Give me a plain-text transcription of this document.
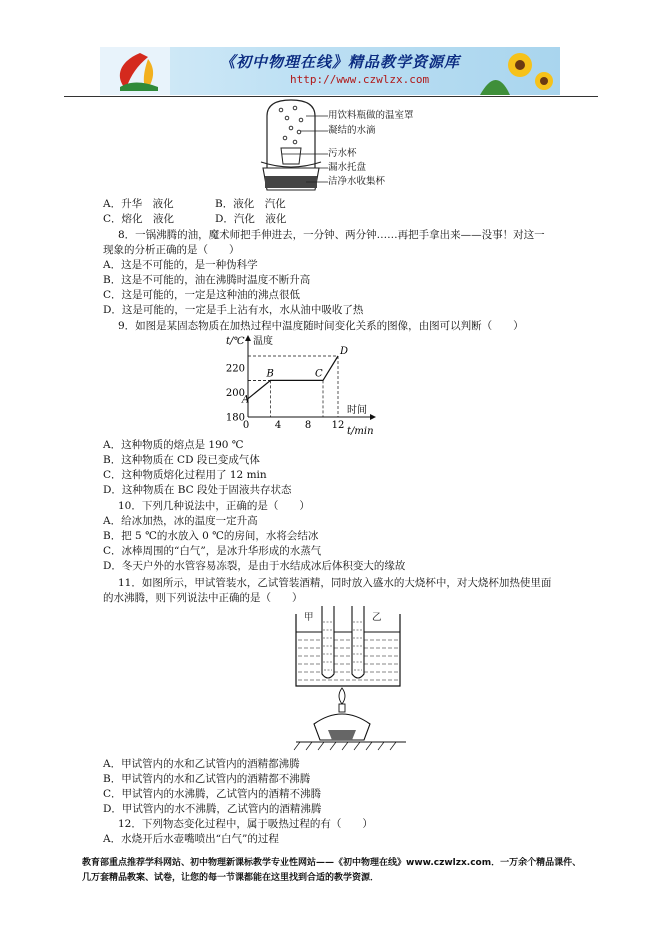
《初中物理在线》精品教学资源库
http://www.czwlzx.com
用饮料瓶做的温室罩
凝结的水滴
污水杯
漏水托盘
洁净水收集杯
A．升华　液化	B．液化　汽化
C．熔化　液化	D．汽化　液化
8．一锅沸腾的油，魔术师把手伸进去，一分钟、两分钟……再把手拿出来——没事！对这一
现象的分析正确的是（　　）
A．这是不可能的，是一种伪科学
B．这是不可能的，油在沸腾时温度不断升高
C．这是可能的，一定是这种油的沸点很低
D．这是可能的，一定是手上沾有水，水从油中吸收了热
9．如图是某固态物质在加热过程中温度随时间变化关系的图像，由图可以判断（　　）
180
200
220
0	4 8 12
A
B	C
D
温度
t/℃
时间
t/min
A．这种物质的熔点是 190 ℃
B．这种物质在 CD 段已变成气体
C．这种物质熔化过程用了 12 min
D．这种物质在 BC 段处于固液共存状态
10．下列几种说法中，正确的是（　　）
A．给冰加热，冰的温度一定升高
B．把 5 ℃的水放入 0 ℃的房间，水将会结冰
C．冰棒周围的“白气”，是冰升华形成的水蒸气
D．冬天户外的水管容易冻裂，是由于水结成冰后体积变大的缘故
11．如图所示，甲试管装水，乙试管装酒精，同时放入盛水的大烧杯中，对大烧杯加热使里面
的水沸腾，则下列说法中正确的是（　　）
甲	乙
A．甲试管内的水和乙试管内的酒精都沸腾
B．甲试管内的水和乙试管内的酒精都不沸腾
C．甲试管内的水沸腾，乙试管内的酒精不沸腾
D．甲试管内的水不沸腾，乙试管内的酒精沸腾
12．下列物态变化过程中，属于吸热过程的有（　　）
A．水烧开后水壶嘴喷出“白气”的过程
教育部重点推荐学科网站、初中物理新课标教学专业性网站——《初中物理在线》www.czwlzx.com．一万余个精品课件、
几万套精品教案、试卷，让您的每一节课都能在这里找到合适的教学资源．
